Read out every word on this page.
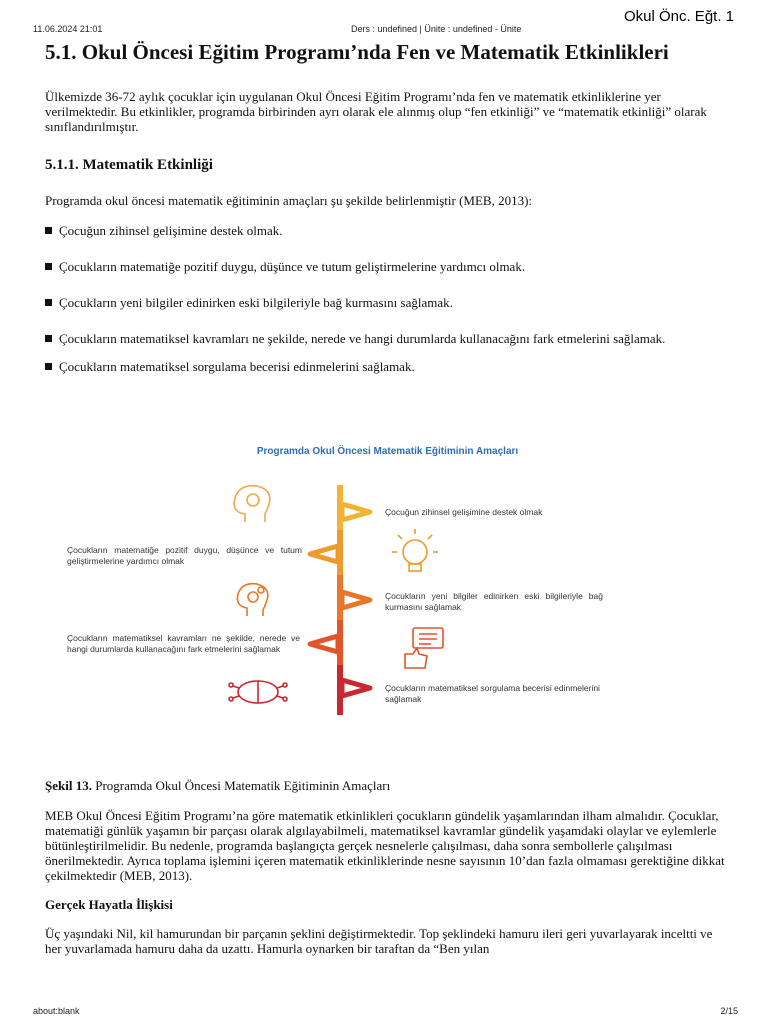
11.06.2024 21:01	Ders : undefined | Ünite : undefined - Ünite
Okul Önc. Eğt. 1
5.1. Okul Öncesi Eğitim Programı’nda Fen ve Matematik Etkinlikleri

Ülkemizde 36-72 aylık çocuklar için uygulanan Okul Öncesi Eğitim Programı’nda fen ve matematik etkinliklerine yer verilmektedir. Bu etkinlikler, programda birbirinden ayrı olarak ele alınmış olup “fen etkinliği” ve “matematik etkinliği” olarak sınıflandırılmıştır.

5.1.1. Matematik Etkinliği

Programda okul öncesi matematik eğitiminin amaçları şu şekilde belirlenmiştir (MEB, 2013):

Çocuğun zihinsel gelişimine destek olmak.
Çocukların matematiğe pozitif duygu, düşünce ve tutum geliştirmelerine yardımcı olmak.
Çocukların yeni bilgiler edinirken eski bilgileriyle bağ kurmasını sağlamak.
Çocukların matematiksel kavramları ne şekilde, nerede ve hangi durumlarda kullanacağını fark etmelerini sağlamak.
Çocukların matematiksel sorgulama becerisi edinmelerini sağlamak.
Programda Okul Öncesi Matematik Eğitiminin Amaçları
Çocuğun zihinsel gelişimine destek olmak
Çocukların matematiğe pozitif duygu, düşünce ve tutum geliştirmelerine yardımcı olmak
Çocukların yeni bilgiler edinirken eski bilgileriyle bağ kurmasını sağlamak
Çocukların matematiksel kavramları ne şekilde, nerede ve hangi durumlarda kullanacağını fark etmelerini sağlamak
Çocukların matematiksel sorgulama becerisi edinmelerini sağlamak
Şekil 13. Programda Okul Öncesi Matematik Eğitiminin Amaçları

MEB Okul Öncesi Eğitim Programı’na göre matematik etkinlikleri çocukların gündelik yaşamlarından ilham almalıdır. Çocuklar, matematiği günlük yaşamın bir parçası olarak algılayabilmeli, matematiksel kavramlar gündelik yaşamdaki olaylar ve eylemlerle bütünleştirilmelidir. Bu nedenle, programda başlangıçta gerçek nesnelerle çalışılması, daha sonra sembollerle çalışılması önerilmektedir. Ayrıca toplama işlemini içeren matematik etkinliklerinde nesne sayısının 10’dan fazla olmaması gerektiğine dikkat çekilmektedir (MEB, 2013).

Gerçek Hayatla İlişkisi

Üç yaşındaki Nil, kil hamurundan bir parçanın şeklini değiştirmektedir. Top şeklindeki hamuru ileri geri yuvarlayarak inceltti ve her yuvarlamada hamuru daha da uzattı. Hamurla oynarken bir taraftan da “Ben yılan

about:blank	2/15
